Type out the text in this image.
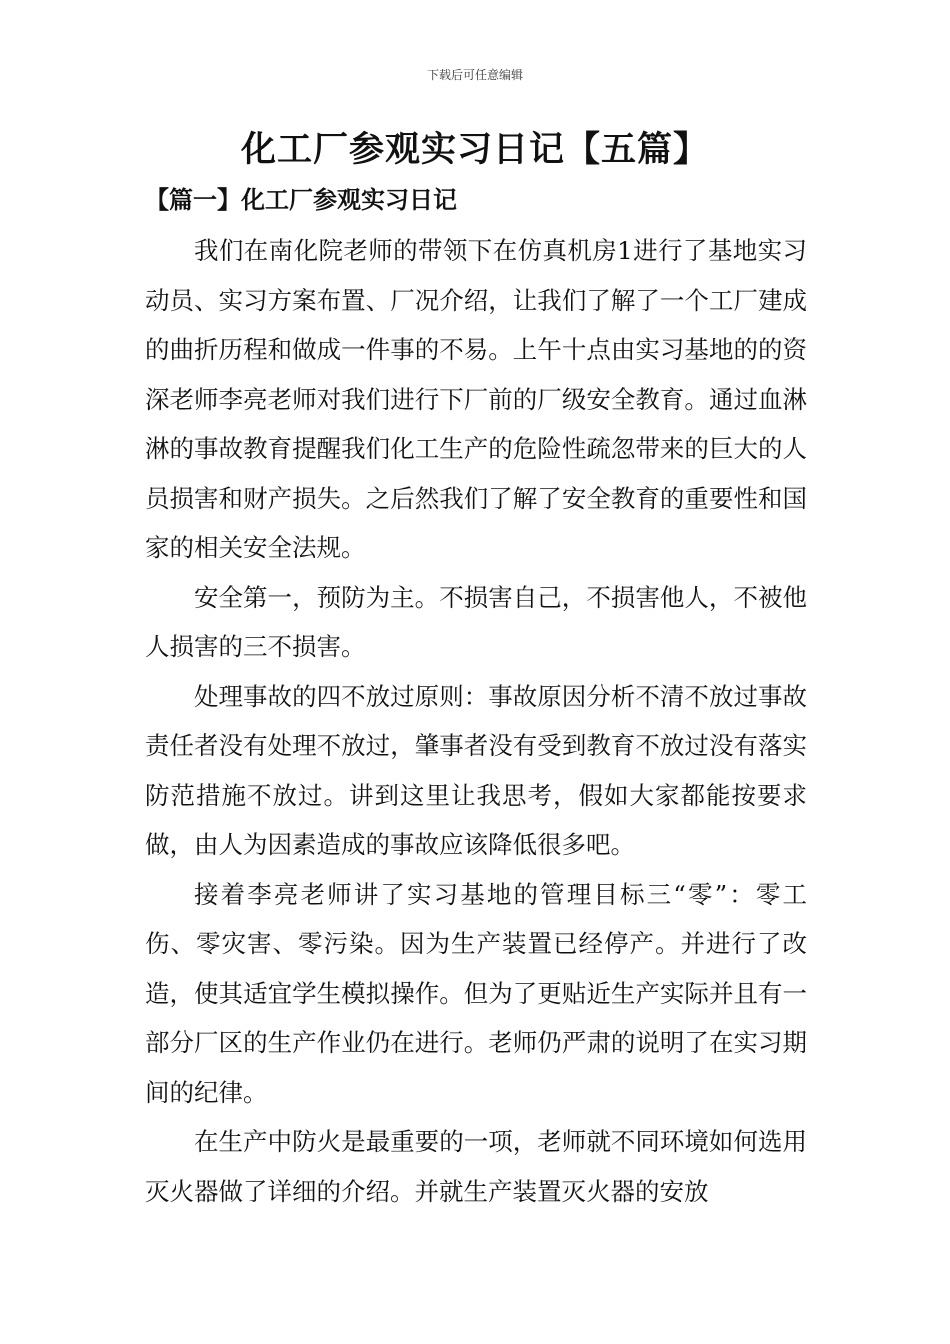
下载后可任意编辑
化工厂参观实习日记【五篇】
【篇一】化工厂参观实习日记

我们在南化院老师的带领下在仿真机房1进行了基地实习动员、实习方案布置、厂况介绍，让我们了解了一个工厂建成的曲折历程和做成一件事的不易。上午十点由实习基地的的资深老师李亮老师对我们进行下厂前的厂级安全教育。通过血淋淋的事故教育提醒我们化工生产的危险性疏忽带来的巨大的人员损害和财产损失。之后然我们了解了安全教育的重要性和国家的相关安全法规。

安全第一，预防为主。不损害自己，不损害他人，不被他人损害的三不损害。

处理事故的四不放过原则：事故原因分析不清不放过事故责任者没有处理不放过，肇事者没有受到教育不放过没有落实防范措施不放过。讲到这里让我思考，假如大家都能按要求做，由人为因素造成的事故应该降低很多吧。

接着李亮老师讲了实习基地的管理目标三“零”：零工伤、零灾害、零污染。因为生产装置已经停产。并进行了改造，使其适宜学生模拟操作。但为了更贴近生产实际并且有一部分厂区的生产作业仍在进行。老师仍严肃的说明了在实习期间的纪律。

在生产中防火是最重要的一项，老师就不同环境如何选用灭火器做了详细的介绍。并就生产装置灭火器的安放
